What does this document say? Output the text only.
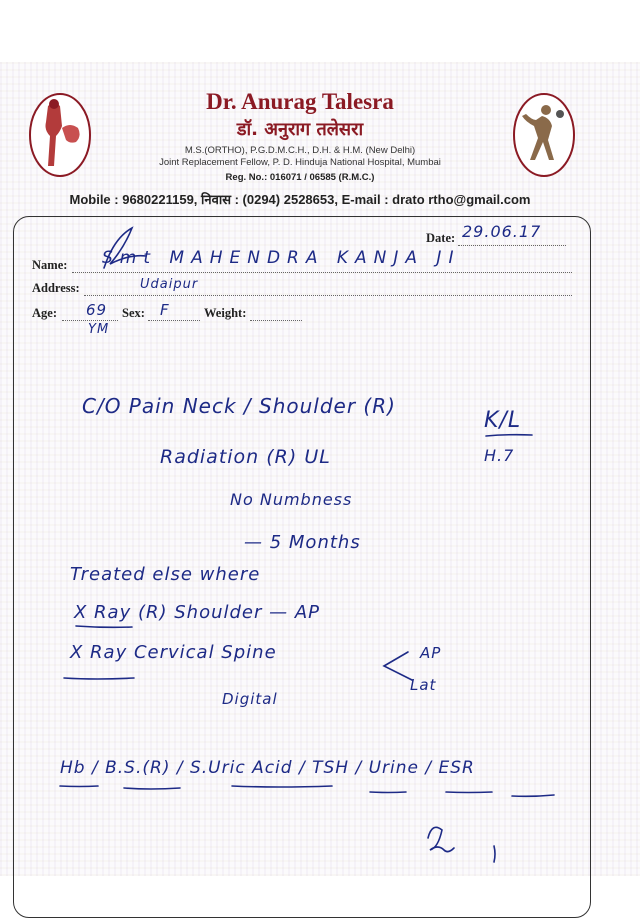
Dr. Anurag Talesra
डॉ. अनुराग तलेसरा
M.S.(ORTHO), P.G.D.M.C.H., D.H. & H.M. (New Delhi)
Joint Replacement Fellow, P. D. Hinduja National Hospital, Mumbai
Reg. No.: 016071 / 06585 (R.M.C.)
Mobile : 9680221159, निवास : (0294) 2528653, E-mail : drato rtho@gmail.com
Date: 29.06.17
Name: Smt MAHENDRA KANJA JI
Address:	Udaipur
Age: 69
YM
Sex: F	Weight:
C/O Pain Neck / Shoulder (R)
K/L
H.7
Radiation (R) UL
No Numbness
— 5 Months
Treated else where
X Ray (R) Shoulder — AP
X Ray Cervical Spine	AP
Lat
Digital
Hb / B.S.(R) / S.Uric Acid / TSH / Urine / ESR
